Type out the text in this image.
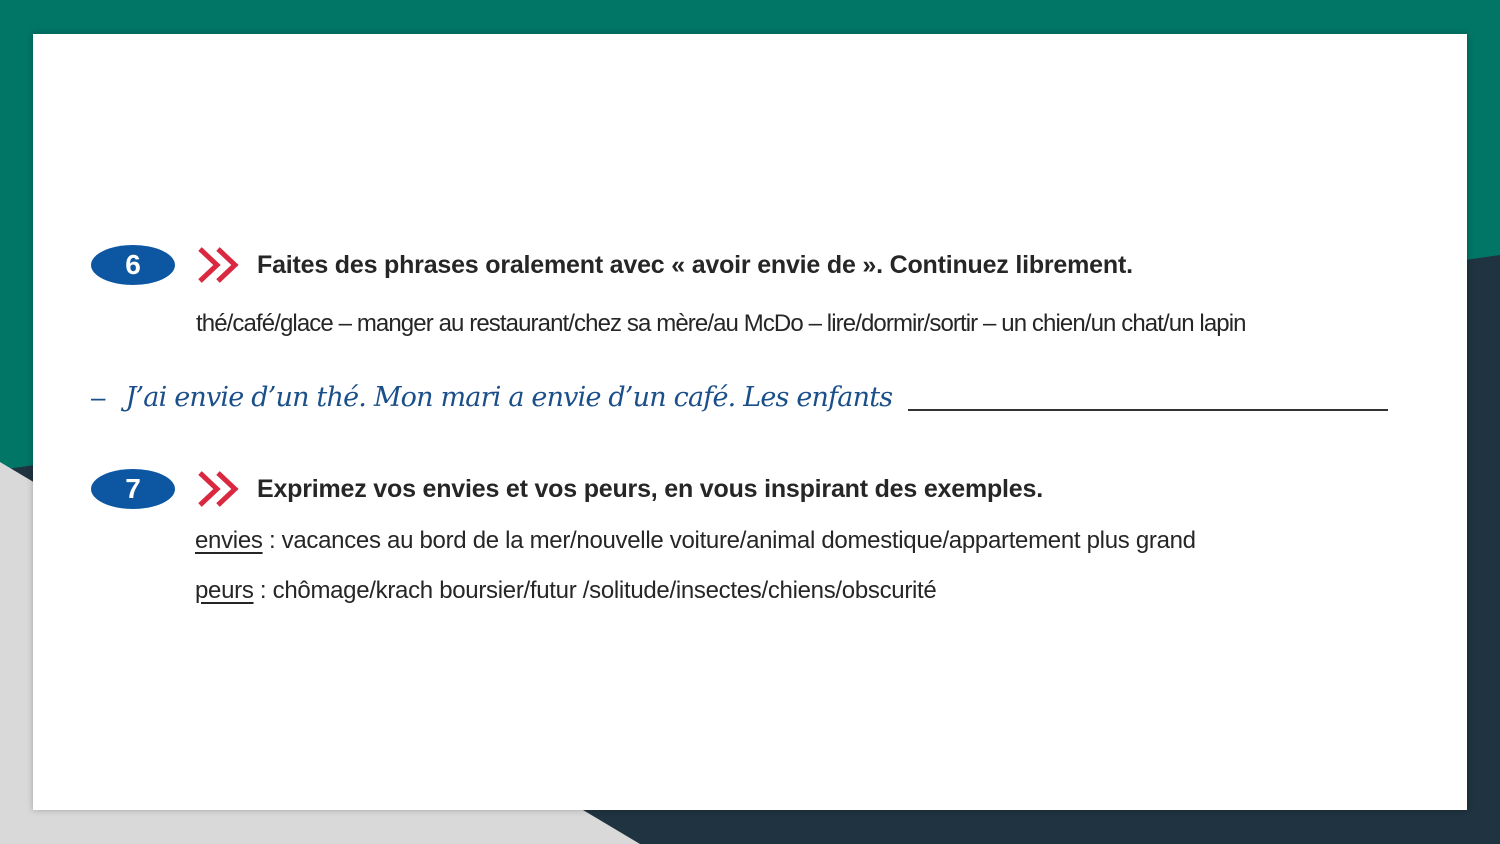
6	Faites des phrases oralement avec « avoir envie de ». Continuez librement.
thé/café/glace – manger au restaurant/chez sa mère/au McDo – lire/dormir/sortir – un chien/un chat/un lapin
– J’ai envie d’un thé. Mon mari a envie d’un café. Les enfants
7	Exprimez vos envies et vos peurs, en vous inspirant des exemples.
envies : vacances au bord de la mer/nouvelle voiture/animal domestique/appartement plus grand
peurs : chômage/krach boursier/futur /solitude/insectes/chiens/obscurité
